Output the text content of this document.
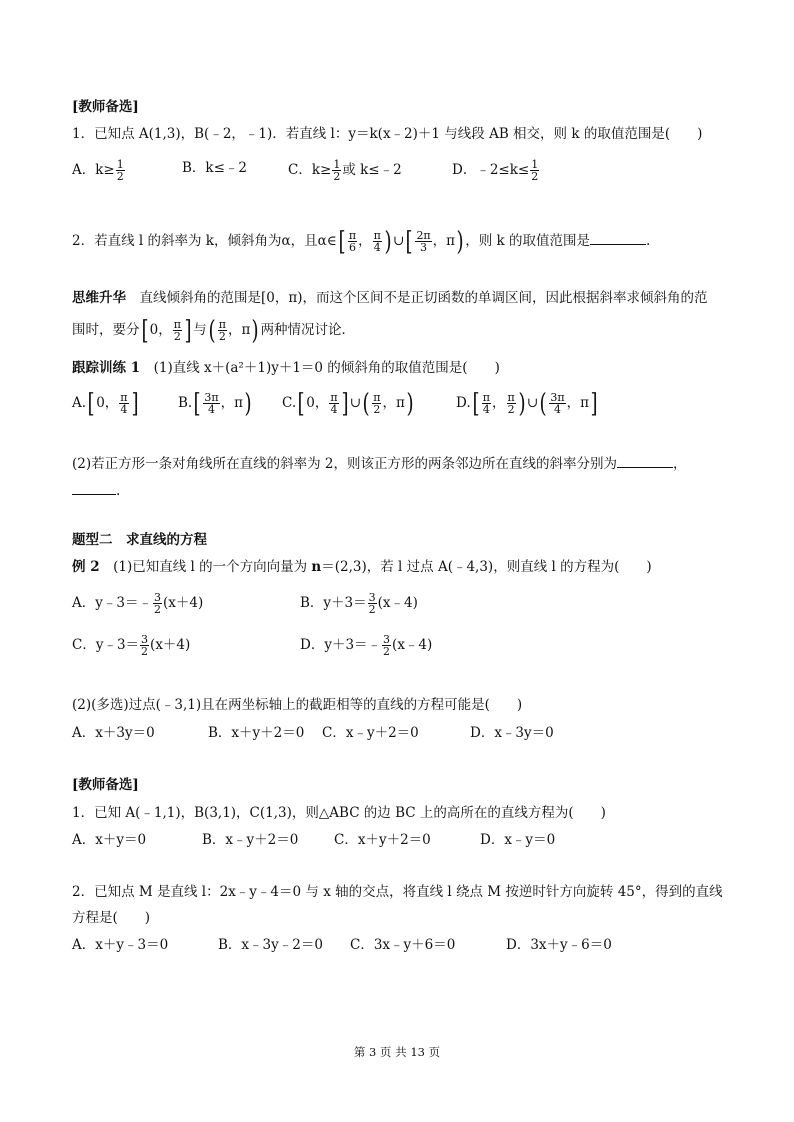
[教师备选]
1．已知点 A(1,3)，B(﹣2，﹣1)．若直线 l：y＝k(x﹣2)＋1 与线段 AB 相交，则 k 的取值范围是(　　)
A．$k\ge \frac{1}{2}$	B．k≤﹣2	C．$k\ge \frac{1}{2}$ 或 k≤﹣2	D．﹣2≤k≤ $\frac{1}{2}$
2．若直线 l 的斜率为 k，倾斜角为α，且α∈[ $\frac{\pi}{6}$ ， $\frac{\pi}{4}$ ) ∪[ $\frac{2\pi}{3}$ ，π) ，则 k 的取值范围是	.
思维升华　 直线倾斜角的范围是[0，π)，而这个区间不是正切函数的单调区间，因此根据斜率求倾斜角的范
围时，要分[ 0， $\frac{\pi}{2}$ ] 与( $\frac{\pi}{2}$ ，π) 两种情况讨论．
跟踪训练 1　 (1)直线 x＋(a²＋1)y＋1＝0 的倾斜角的取值范围是(　　)
A.[ 0， $\frac{\pi}{4}$ ]	$B.[ \frac{3\pi}{4}$ ，π) C.[ 0， $\frac{\pi}{4}$ ] ∪( $\frac{\pi}{2}$ ，π)	$D.[ \frac{\pi}{4}$ ， $\frac{\pi}{2}$ ) ∪( $\frac{3\pi}{4}$ ，π]
(2)若正方形一条对角线所在直线的斜率为 2，则该正方形的两条邻边所在直线的斜率分别为	，
.
题型二　求直线的方程
例 2　 (1)已知直线 l 的一个方向向量为 n＝(2,3)，若 l 过点 A(﹣4,3)，则直线 l 的方程为(　　)
A．y﹣3＝﹣ $\frac{3}{2} (x+4)$	B．$y+3= \frac{3}{2}$ (x﹣4)
C．y﹣3＝ $\frac{3}{2} (x+4)$	D．y＋3＝﹣ $\frac{3}{2}$ (x﹣4)
(2)(多选)过点(﹣3,1)且在两坐标轴上的截距相等的直线的方程可能是(　　)
A．x＋3y＝0	B．x＋y＋2＝0 C．x﹣y＋2＝0	D．x﹣3y＝0
[教师备选]
1．已知 A(﹣1,1)，B(3,1)，C(1,3)，则△ABC 的边 BC 上的高所在的直线方程为(　　)
A．x＋y＝0	B．x﹣y＋2＝0	C．x＋y＋2＝0	D．x﹣y＝0
2．已知点 M 是直线 l：2x﹣y﹣4＝0 与 x 轴的交点，将直线 l 绕点 M 按逆时针方向旋转 45°，得到的直线
方程是(　　)
A．x＋y﹣3＝0	B．x﹣3y﹣2＝0 C．3x﹣y＋6＝0	D．3x＋y﹣6＝0
第 3 页 共 13 页
